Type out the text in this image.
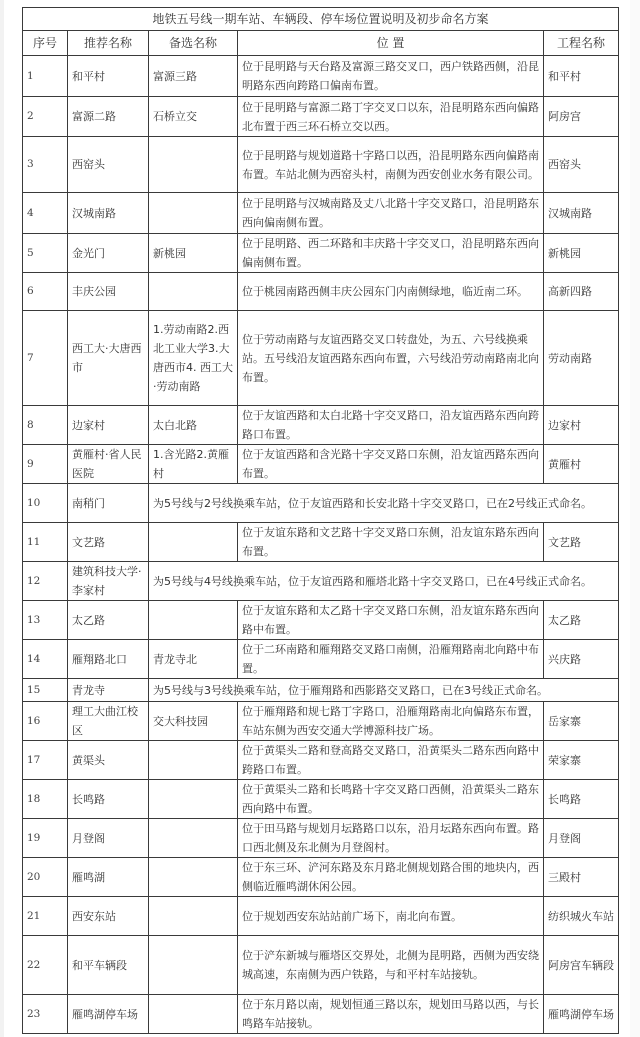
地铁五号线一期车站、车辆段、停车场位置说明及初步命名方案				
序号	推荐名称	备选名称	位 置	工程名称
1	和平村	富源三路	位于昆明路与天台路及富源三路交叉口，西户铁路西侧，沿昆明路东西向跨路口偏南布置。	和平村
2	富源二路	石桥立交	位于昆明路与富源二路丁字交叉口以东，沿昆明路东西向偏路北布置于西三环石桥立交以西。	阿房宫
3	西窑头		位于昆明路与规划道路十字路口以西，沿昆明路东西向偏路南布置。车站北侧为西窑头村，南侧为西安创业水务有限公司。	西窑头
4	汉城南路		位于昆明路与汉城南路及丈八北路十字交叉路口，沿昆明路东西向偏南侧布置。	汉城南路
5	金光门	新桃园	位于昆明路、西二环路和丰庆路十字交叉口，沿昆明路东西向偏南侧布置。	新桃园
6	丰庆公园		位于桃园南路西侧丰庆公园东门内南侧绿地，临近南二环。	高新四路
7	西工大·大唐西市	1.劳动南路2.西北工业大学3.大唐西市4. 西工大·劳动南路	位于劳动南路与友谊西路交叉口转盘处，为五、六号线换乘站。五号线沿友谊西路东西向布置，六号线沿劳动南路南北向布置。	劳动南路
8	边家村	太白北路	位于友谊西路和太白北路十字交叉路口，沿友谊西路东西向跨路口布置。	边家村
9	黄雁村·省人民医院	1.含光路2.黄雁村	位于友谊西路和含光路十字交叉路口东侧，沿友谊西路东西向布置。	黄雁村
10	南稍门	为5号线与2号线换乘车站，位于友谊西路和长安北路十字交叉路口，已在2号线正式命名。		
11	文艺路		位于友谊东路和文艺路十字交叉路口东侧，沿友谊东路东西向布置。	文艺路
12	建筑科技大学·李家村	为5号线与4号线换乘车站，位于友谊西路和雁塔北路十字交叉路口，已在4号线正式命名。		
13	太乙路		位于友谊东路和太乙路十字交叉路口东侧，沿友谊东路东西向路中布置。	太乙路
14	雁翔路北口	青龙寺北	位于二环南路和雁翔路交叉路口南侧，沿雁翔路南北向路中布置。	兴庆路
15	青龙寺	为5号线与3号线换乘车站，位于雁翔路和西影路交叉路口，已在3号线正式命名。		
16	理工大曲江校区	交大科技园	位于雁翔路和规七路丁字路口，沿雁翔路南北向偏路东布置，车站东侧为西安交通大学博源科技广场。	岳家寨
17	黄渠头		位于黄渠头二路和登高路交叉路口，沿黄渠头二路东西向路中跨路口布置。	荣家寨
18	长鸣路		位于黄渠头二路和长鸣路十字交叉路口西侧，沿黄渠头二路东西向路中布置。	长鸣路
19	月登阁		位于田马路与规划月坛路路口以东，沿月坛路东西向布置。路口西北侧及东北侧为月登阁村。	月登阁
20	雁鸣湖		位于东三环、浐河东路及东月路北侧规划路合围的地块内，西侧临近雁鸣湖休闲公园。	三殿村
21	西安东站		位于规划西安东站站前广场下，南北向布置。	纺织城火车站
22	和平车辆段		位于浐东新城与雁塔区交界处，北侧为昆明路，西侧为西安绕城高速，东南侧为西户铁路，与和平村车站接轨。	阿房宫车辆段
23	雁鸣湖停车场		位于东月路以南，规划恒通三路以东，规划田马路以西，与长鸣路车站接轨。	雁鸣湖停车场
